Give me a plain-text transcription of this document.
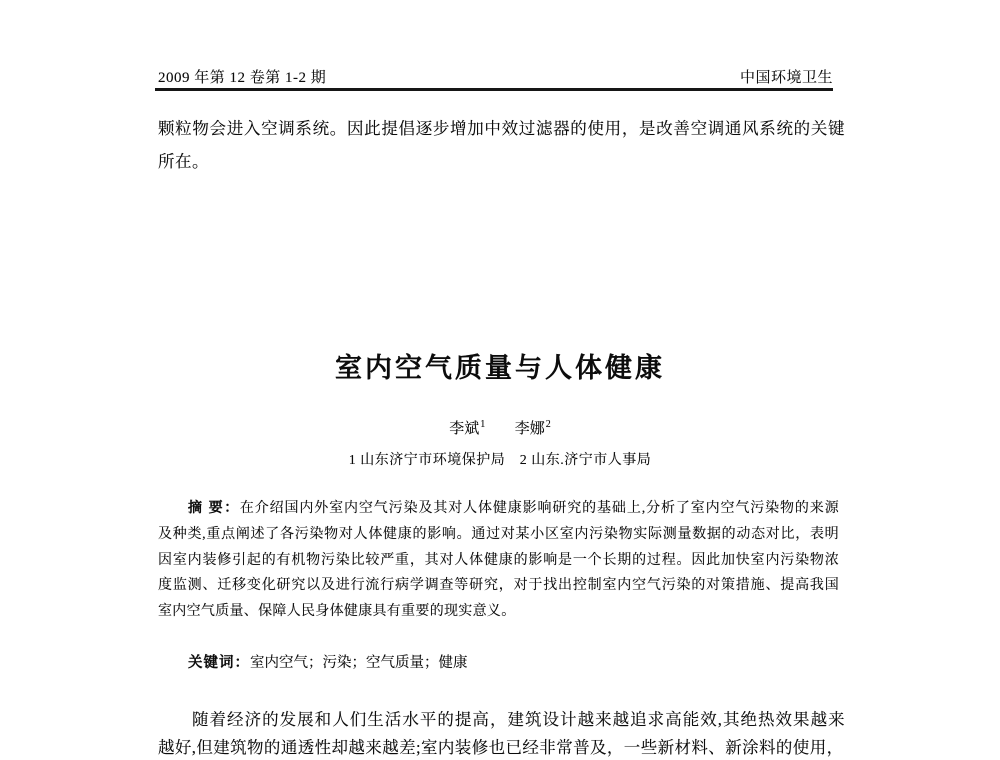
2009 年第 12 卷第 1-2 期	中国环境卫生
颗粒物会进入空调系统。因此提倡逐步增加中效过滤器的使用，是改善空调通风系统的关键
所在。
室内空气质量与人体健康
李斌$^1$ 李娜$^2$
1 山东济宁市环境保护局　2 山东.济宁市人事局
摘 要：在介绍国内外室内空气污染及其对人体健康影响研究的基础上,分析了室内空气污染物的来源
及种类,重点阐述了各污染物对人体健康的影响。通过对某小区室内污染物实际测量数据的动态对比，表明
因室内装修引起的有机物污染比较严重，其对人体健康的影响是一个长期的过程。因此加快室内污染物浓
度监测、迁移变化研究以及进行流行病学调查等研究，对于找出控制室内空气污染的对策措施、提高我国
室内空气质量、保障人民身体健康具有重要的现实意义。
关键词：室内空气；污染；空气质量；健康
随着经济的发展和人们生活水平的提高，建筑设计越来越追求高能效,其绝热效果越来
越好,但建筑物的通透性却越来越差;室内装修也已经非常普及，一些新材料、新涂料的使用，
